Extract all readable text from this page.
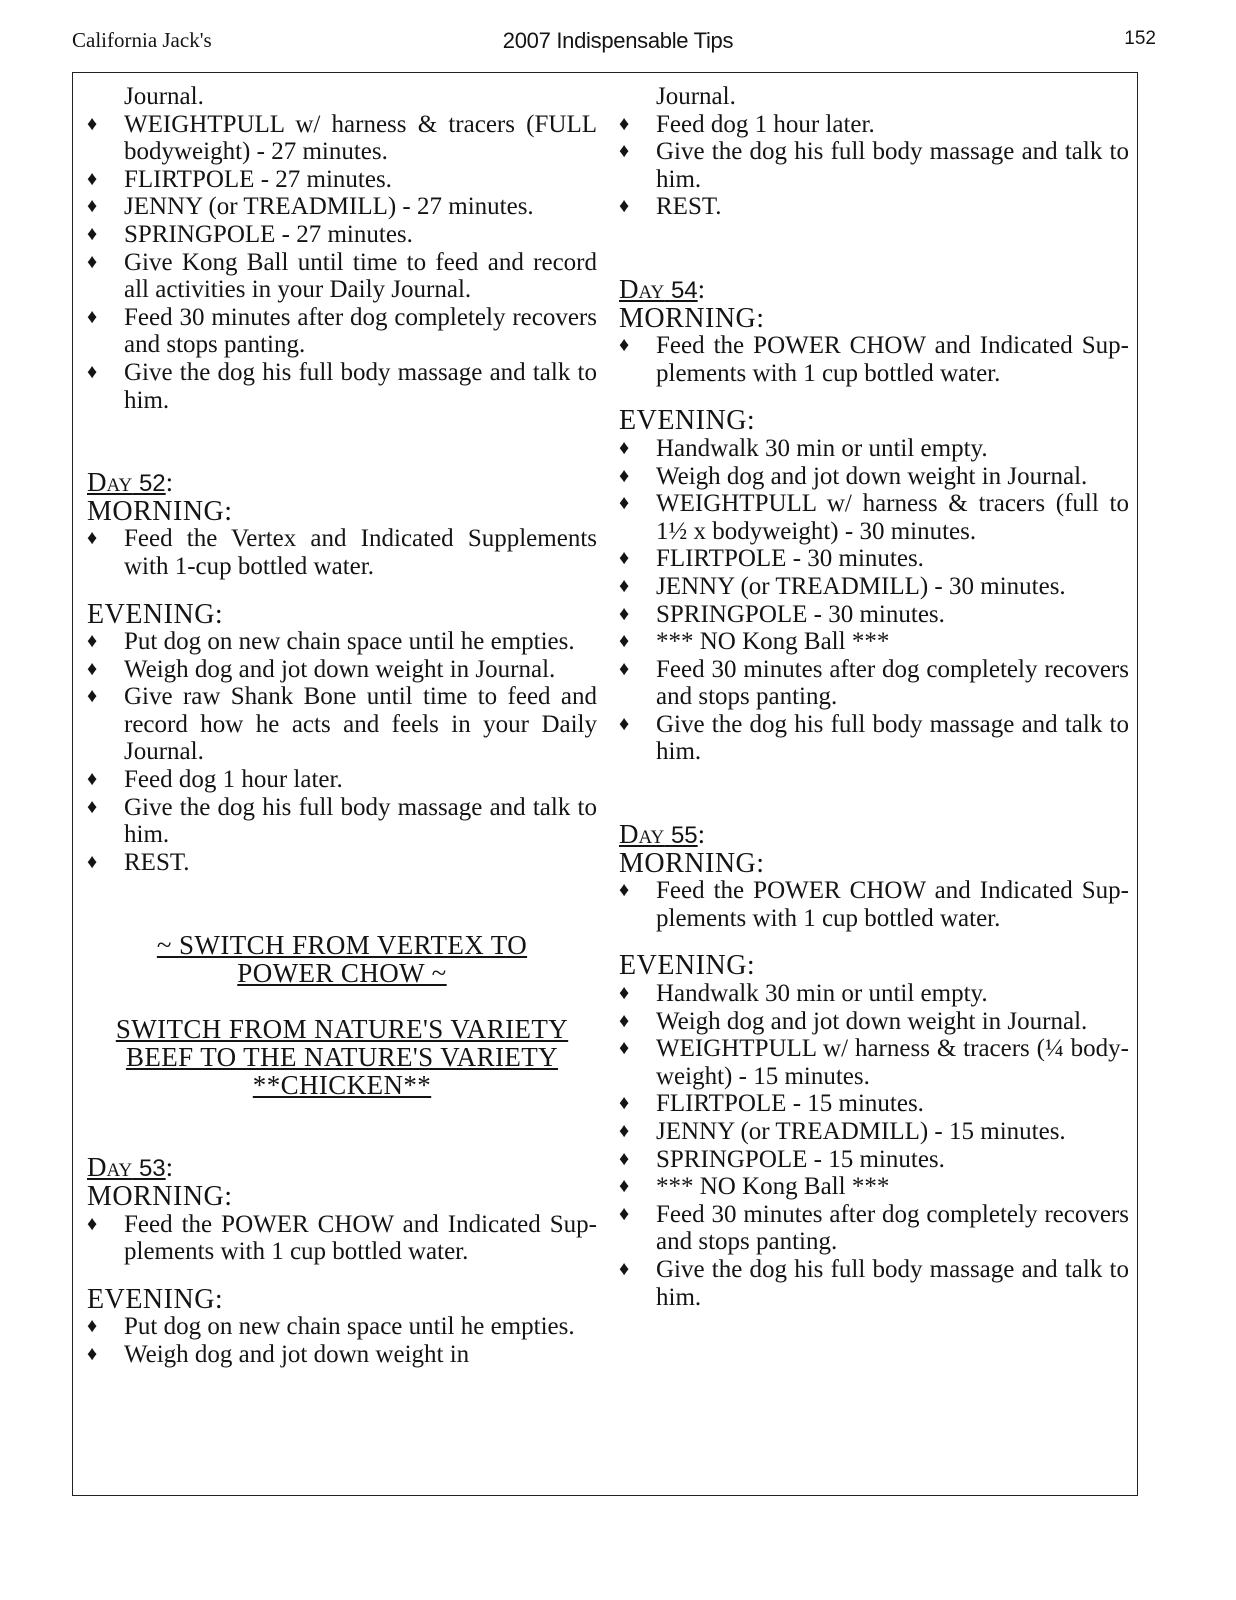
California Jack's	2007 Indispensable Tips	152

Journal.

♦ WEIGHTPULL w/ harness & tracers (FULL bodyweight) - 27 minutes.
♦ FLIRTPOLE - 27 minutes.
♦ JENNY (or TREADMILL) - 27 minutes.
♦ SPRINGPOLE - 27 minutes.
♦ Give Kong Ball until time to feed and record all activities in your Daily Journal.
♦ Feed 30 minutes after dog completely recovers and stops panting.
♦ Give the dog his full body massage and talk to him.
Day 52:
MORNING:
♦ Feed the Vertex and Indicated Supplements with 1-cup bottled water.
EVENING:
♦ Put dog on new chain space until he empties.
♦ Weigh dog and jot down weight in Journal.
♦ Give raw Shank Bone until time to feed and record how he acts and feels in your Daily Journal.
♦ Feed dog 1 hour later.
♦ Give the dog his full body massage and talk to him.
♦ REST.
~ SWITCH FROM VERTEX TO POWER CHOW ~
SWITCH FROM NATURE'S VARIETY BEEF TO THE NATURE'S VARIETY **CHICKEN**
Day 53:
MORNING:
♦ Feed the POWER CHOW and Indicated Sup-plements with 1 cup bottled water.
EVENING:
♦ Put dog on new chain space until he empties.
♦ Weigh dog and jot down weight in

Journal.

♦ Feed dog 1 hour later.
♦ Give the dog his full body massage and talk to him.
♦ REST.
Day 54:
MORNING:
♦ Feed the POWER CHOW and Indicated Sup-plements with 1 cup bottled water.
EVENING:
♦ Handwalk 30 min or until empty.
♦ Weigh dog and jot down weight in Journal.
♦ WEIGHTPULL w/ harness & tracers (full to 1½ x bodyweight) - 30 minutes.
♦ FLIRTPOLE - 30 minutes.
♦ JENNY (or TREADMILL) - 30 minutes.
♦ SPRINGPOLE - 30 minutes.
♦ *** NO Kong Ball ***
♦ Feed 30 minutes after dog completely recovers and stops panting.
♦ Give the dog his full body massage and talk to him.
Day 55:
MORNING:
♦ Feed the POWER CHOW and Indicated Sup-plements with 1 cup bottled water.
EVENING:
♦ Handwalk 30 min or until empty.
♦ Weigh dog and jot down weight in Journal.
♦ WEIGHTPULL w/ harness & tracers (¼ body-weight) - 15 minutes.
♦ FLIRTPOLE - 15 minutes.
♦ JENNY (or TREADMILL) - 15 minutes.
♦ SPRINGPOLE - 15 minutes.
♦ *** NO Kong Ball ***
♦ Feed 30 minutes after dog completely recovers and stops panting.
♦ Give the dog his full body massage and talk to him.
